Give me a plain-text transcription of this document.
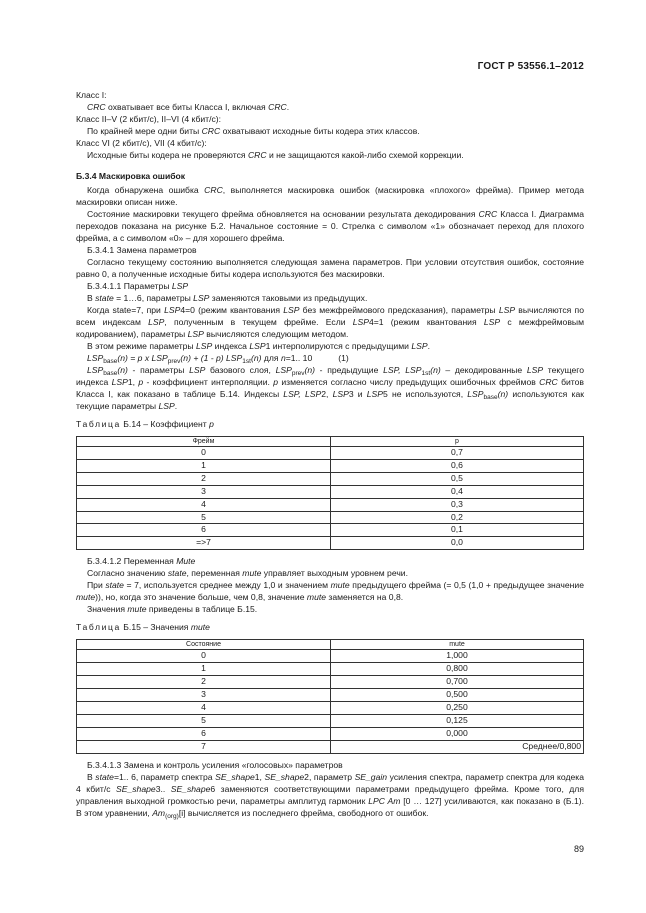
ГОСТ Р 53556.1–2012

Класс I:

CRC охватывает все биты Класса I, включая CRC.

Класс II–V (2 кбит/с), II–VI (4 кбит/с):

По крайней мере одни биты CRC охватывают исходные биты кодера этих классов.

Класс VI (2 кбит/с), VII (4 кбит/с):

Исходные биты кодера не проверяются CRC и не защищаются какой-либо схемой коррекции.

Б.3.4 Маскировка ошибок

Когда обнаружена ошибка CRC, выполняется маскировка ошибок (маскировка «плохого» фрейма). Пример метода маскировки описан ниже.

Состояние маскировки текущего фрейма обновляется на основании результата декодирования CRC Класса I. Диаграмма переходов показана на рисунке Б.2. Начальное состояние = 0. Стрелка с символом «1» обозначает переход для плохого фрейма, а с символом «0» – для хорошего фрейма.

Б.3.4.1 Замена параметров

Согласно текущему состоянию выполняется следующая замена параметров. При условии отсутствия ошибок, состояние равно 0, а полученные исходные биты кодера используются без маскировки.

Б.3.4.1.1 Параметры LSP

В state = 1…6, параметры LSP заменяются таковыми из предыдущих.

Когда state=7, при LSP4=0 (режим квантования LSP без межфреймового предсказания), параметры LSP вычисляются по всем индексам LSP, полученным в текущем фрейме. Если LSP4=1 (режим квантования LSP с межфреймовым кодированием), параметры LSP вычисляются следующим методом.

В этом режиме параметры LSP индекса LSP1 интерполируются с предыдущими LSP.

$LSP_{base}(n) = p$ x $LSP_{prev}(n) + (1 - p)$ $LSP_{1st}(n)$ для n=1.. 10	(1)

$LSP_{base}(n)$ - параметры LSP базового слоя, $LSP_{prev}(n)$ - предыдущие LSP, $LSP_{1st}(n)$ – декодированные LSP текущего индекса LSP1, p - коэффициент интерполяции. p изменяется согласно числу предыдущих ошибочных фреймов CRC битов Класса I, как показано в таблице Б.14. Индексы LSP, LSP2, LSP3 и LSP5 не используются, $LSP_{base}(n)$ используются как текущие параметры LSP.

Таблица Б.14 – Коэффициент p

Фрейм	p
0	0,7
1	0,6
2	0,5
3	0,4
4	0,3
5	0,2
6	0,1
=>7	0,0

Б.3.4.1.2 Переменная Mute

Согласно значению state, переменная mute управляет выходным уровнем речи.

При state = 7, используется среднее между 1,0 и значением mute предыдущего фрейма (= 0,5 (1,0 + предыдущее значение mute)), но, когда это значение больше, чем 0,8, значение mute заменяется на 0,8.

Значения mute приведены в таблице Б.15.

Таблица Б.15 – Значения mute

Состояние	mute
0	1,000
1	0,800
2	0,700
3	0,500
4	0,250
5	0,125
6	0,000
7	Среднее/0,800

Б.3.4.1.3 Замена и контроль усиления «голосовых» параметров

В state=1.. 6, параметр спектра SE_shape1, SE_shape2, параметр SE_gain усиления спектра, параметр спектра для кодека 4 кбит/с SE_shape3.. SE_shape6 заменяются соответствующими параметрами предыдущего фрейма. Кроме того, для управления выходной громкостью речи, параметры амплитуд гармоник LPC Am [0 … 127] усиливаются, как показано в (Б.1). В этом уравнении, $Am_{(org)}[i]$ вычисляется из последнего фрейма, свободного от ошибок.

89
